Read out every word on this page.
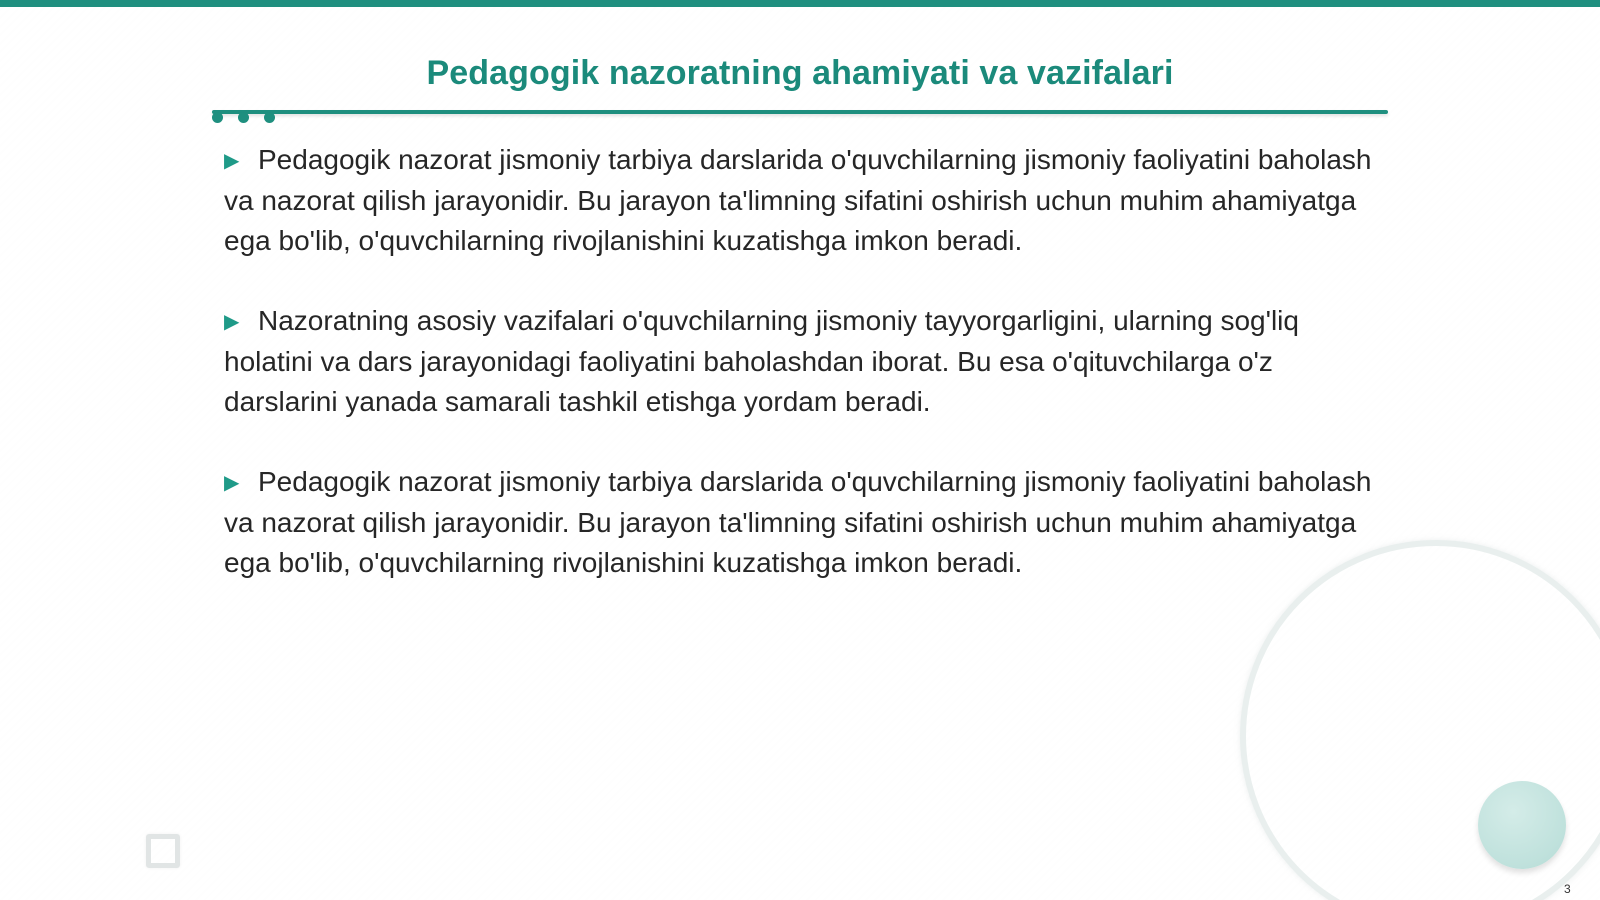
Pedagogik nazoratning ahamiyati va vazifalari

▶ Pedagogik nazorat jismoniy tarbiya darslarida o'quvchilarning jismoniy faoliyatini baholash va nazorat qilish jarayonidir. Bu jarayon ta'limning sifatini oshirish uchun muhim ahamiyatga ega bo'lib, o'quvchilarning rivojlanishini kuzatishga imkon beradi.

▶ Nazoratning asosiy vazifalari o'quvchilarning jismoniy tayyorgarligini, ularning sog'liq holatini va dars jarayonidagi faoliyatini baholashdan iborat. Bu esa o'qituvchilarga o'z darslarini yanada samarali tashkil etishga yordam beradi.

▶ Pedagogik nazorat jismoniy tarbiya darslarida o'quvchilarning jismoniy faoliyatini baholash va nazorat qilish jarayonidir. Bu jarayon ta'limning sifatini oshirish uchun muhim ahamiyatga ega bo'lib, o'quvchilarning rivojlanishini kuzatishga imkon beradi.

3
